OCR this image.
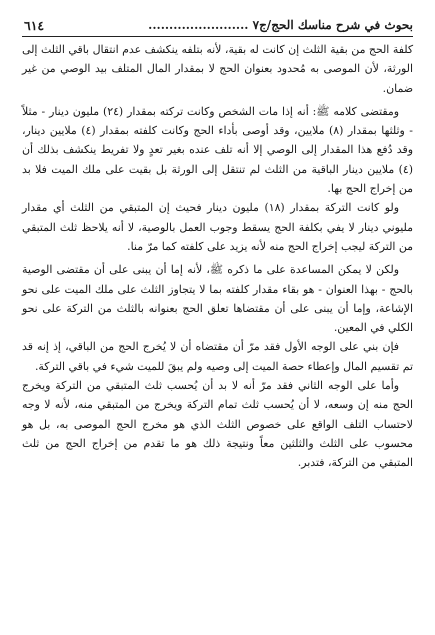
بحوث في شرح مناسك الحج/ج٧ ........................
٦١٤

كلفة الحج من بقية الثلث إن كانت له بقية، لأنه بتلفه ينكشف عدم انتقال باقي الثلث إلى الورثة، لأن الموصى به مُحدود بعنوان الحج لا بمقدار المال المتلف بيد الوصي من غير ضمان.

ومقتضى كلامه ﷺ: أنه إذا مات الشخص وكانت تركته بمقدار (٢٤) مليون دينار - مثلاً - وثلثها بمقدار (٨) ملايين، وقد أوصى بأداء الحج وكانت كلفته بمقدار (٤) ملايين دينار، وقد دُفع هذا المقدار إلى الوصي إلا أنه تلف عنده بغير تعدٍ ولا تفريط ينكشف بذلك أن (٤) ملايين دينار الباقية من الثلث لم تنتقل إلى الورثة بل بقيت على ملك الميت فلا بد من إخراج الحج بها.

ولو كانت التركة بمقدار (١٨) مليون دينار فحيث إن المتبقي من الثلث أي مقدار مليوني دينار لا يفي بكلفة الحج يسقط وجوب العمل بالوصية، لا أنه يلاحظ ثلث المتبقي من التركة ليجب إخراج الحج منه لأنه يزيد على كلفته كما مرّ منا.

ولكن لا يمكن المساعدة على ما ذكره ﷺ، لأنه إما أن يبنى على أن مقتضى الوصية بالحج - بهذا العنوان - هو بقاء مقدار كلفته بما لا يتجاوز الثلث على ملك الميت على نحو الإشاعة، وإما أن يبنى على أن مقتضاها تعلق الحج بعنوانه بالثلث من التركة على نحو الكلي في المعين.

فإن بني على الوجه الأول فقد مرّ أن مقتضاه أن لا يُخرج الحج من الباقي، إذ إنه قد تم تقسيم المال وإعطاء حصة الميت إلى وصيه ولم يبقَ للميت شيء في باقي التركة.

وأما على الوجه الثاني فقد مرّ أنه لا بد أن يُحسب ثلث المتبقي من التركة ويخرج الحج منه إن وسعه، لا أن يُحسب ثلث تمام التركة ويخرج من المتبقي منه، لأنه لا وجه لاحتساب التلف الواقع على خصوص الثلث الذي هو مخرج الحج الموصى به، بل هو محسوب على الثلث والثلثين معاً ونتيجة ذلك هو ما تقدم من إخراج الحج من ثلث المتبقي من التركة، فتدبر.
